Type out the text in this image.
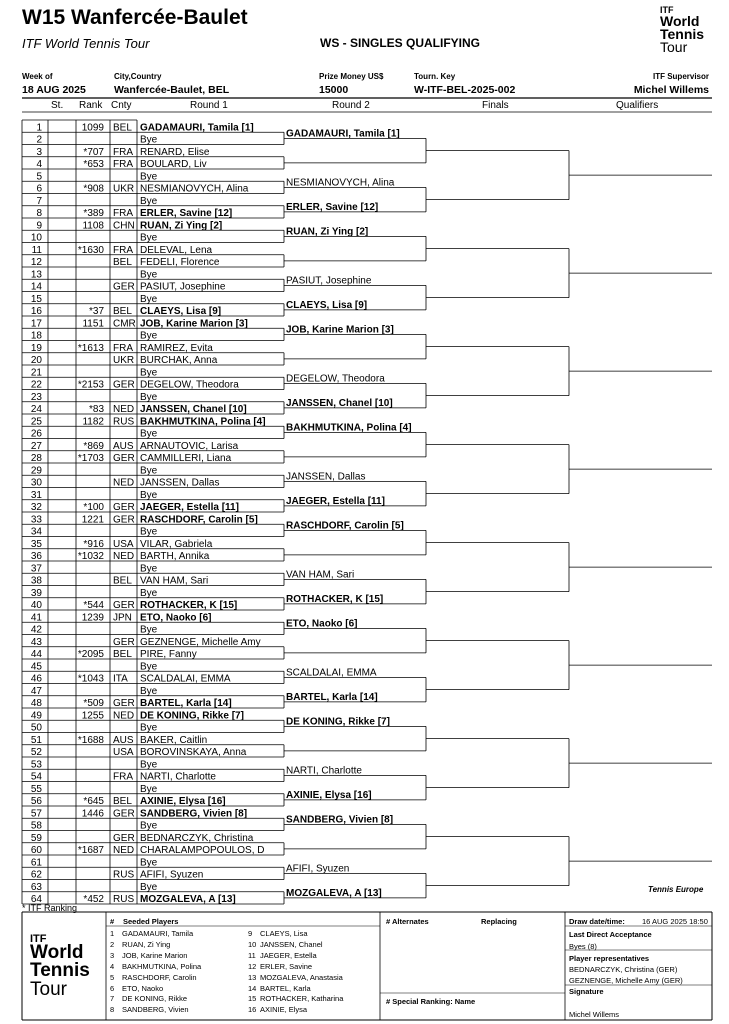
W15 Wanfercée-Baulet
ITF World Tennis Tour	WS - SINGLES QUALIFYING
ITF
World
Tennis
Tour
Week of
18 AUG 2025
City,Country
Wanfercée-Baulet, BEL
Prize Money US$
15000
Tourn. Key
W-ITF-BEL-2025-002
ITF Supervisor
Michel Willems
St. Rank Cnty	Round 1	Round 2	Finals	Qualifiers
1	1099 BEL GADAMAURI, Tamila [1]
2	Bye
3	*707 FRA RENARD, Elise
4	*653 FRA BOULARD, Liv
5	Bye
6	*908 UKR NESMIANOVYCH, Alina
7	Bye
8	*389 FRA ERLER, Savine [12]
9	1108 CHN RUAN, Zi Ying [2]
10	Bye
11	*1630 FRA DELEVAL, Lena
12	BEL FEDELI, Florence
13	Bye
14	GER PASIUT, Josephine
15	Bye
16	*37 BEL CLAEYS, Lisa [9]
17	1151 CMR JOB, Karine Marion [3]
18	Bye
19	*1613 FRA RAMIREZ, Evita
20	UKR BURCHAK, Anna
21	Bye
22	*2153 GER DEGELOW, Theodora
23	Bye
24	*83 NED JANSSEN, Chanel [10]
25	1182 RUS BAKHMUTKINA, Polina [4]
26	Bye
27	*869 AUS ARNAUTOVIC, Larisa
28	*1703 GER CAMMILLERI, Liana
29	Bye
30	NED JANSSEN, Dallas
31	Bye
32	*100 GER JAEGER, Estella [11]
33	1221 GER RASCHDORF, Carolin [5]
34	Bye
35	*916 USA VILAR, Gabriela
36	*1032 NED BARTH, Annika
37	Bye
38	BEL VAN HAM, Sari
39	Bye
40	*544 GER ROTHACKER, K [15]
41	1239 JPN ETO, Naoko [6]
42	Bye
43	GER GEZNENGE, Michelle Amy
44	*2095 BEL PIRE, Fanny
45	Bye
46	*1043 ITA SCALDALAI, EMMA
47	Bye
48	*509 GER BARTEL, Karla [14]
49	1255 NED DE KONING, Rikke [7]
50	Bye
51	*1688 AUS BAKER, Caitlin
52	USA BOROVINSKAYA, Anna
53	Bye
54	FRA NARTI, Charlotte
55	Bye
56	*645 BEL AXINIE, Elysa [16]
57	1446 GER SANDBERG, Vivien [8]
58	Bye
59	GER BEDNARCZYK, Christina
60	*1687 NED CHARALAMPOPOULOS, D
61	Bye
62	RUS AFIFI, Syuzen
63	Bye
64	*452 RUS MOZGALEVA, A [13]
GADAMAURI, Tamila [1]
NESMIANOVYCH, Alina
ERLER, Savine [12]
RUAN, Zi Ying [2]
PASIUT, Josephine
CLAEYS, Lisa [9]
JOB, Karine Marion [3]
DEGELOW, Theodora
JANSSEN, Chanel [10]
BAKHMUTKINA, Polina [4]
JANSSEN, Dallas
JAEGER, Estella [11]
RASCHDORF, Carolin [5]
VAN HAM, Sari
ROTHACKER, K [15]
ETO, Naoko [6]
SCALDALAI, EMMA
BARTEL, Karla [14]
DE KONING, Rikke [7]
NARTI, Charlotte
AXINIE, Elysa [16]
SANDBERG, Vivien [8]
AFIFI, Syuzen
MOZGALEVA, A [13]
* ITF Ranking
Tennis Europe
ITF
World
Tennis
Tour
# Seeded Players
1 GADAMAURI, Tamila
2 RUAN, Zi Ying
3 JOB, Karine Marion
4 BAKHMUTKINA, Polina
5 RASCHDORF, Carolin
6 ETO, Naoko
7 DE KONING, Rikke
8 SANDBERG, Vivien
9 CLAEYS, Lisa
10 JANSSEN, Chanel
11 JAEGER, Estella
12 ERLER, Savine
13 MOZGALEVA, Anastasia
14 BARTEL, Karla
15 ROTHACKER, Katharina
16 AXINIE, Elysa
# Alternates	Replacing
# Special Ranking: Name
Draw date/time: 16 AUG 2025 18:50
Last Direct Acceptance
Byes (8)
Player representatives
BEDNARCZYK, Christina (GER)
GEZNENGE, Michelle Amy (GER)
Signature
Michel Willems
